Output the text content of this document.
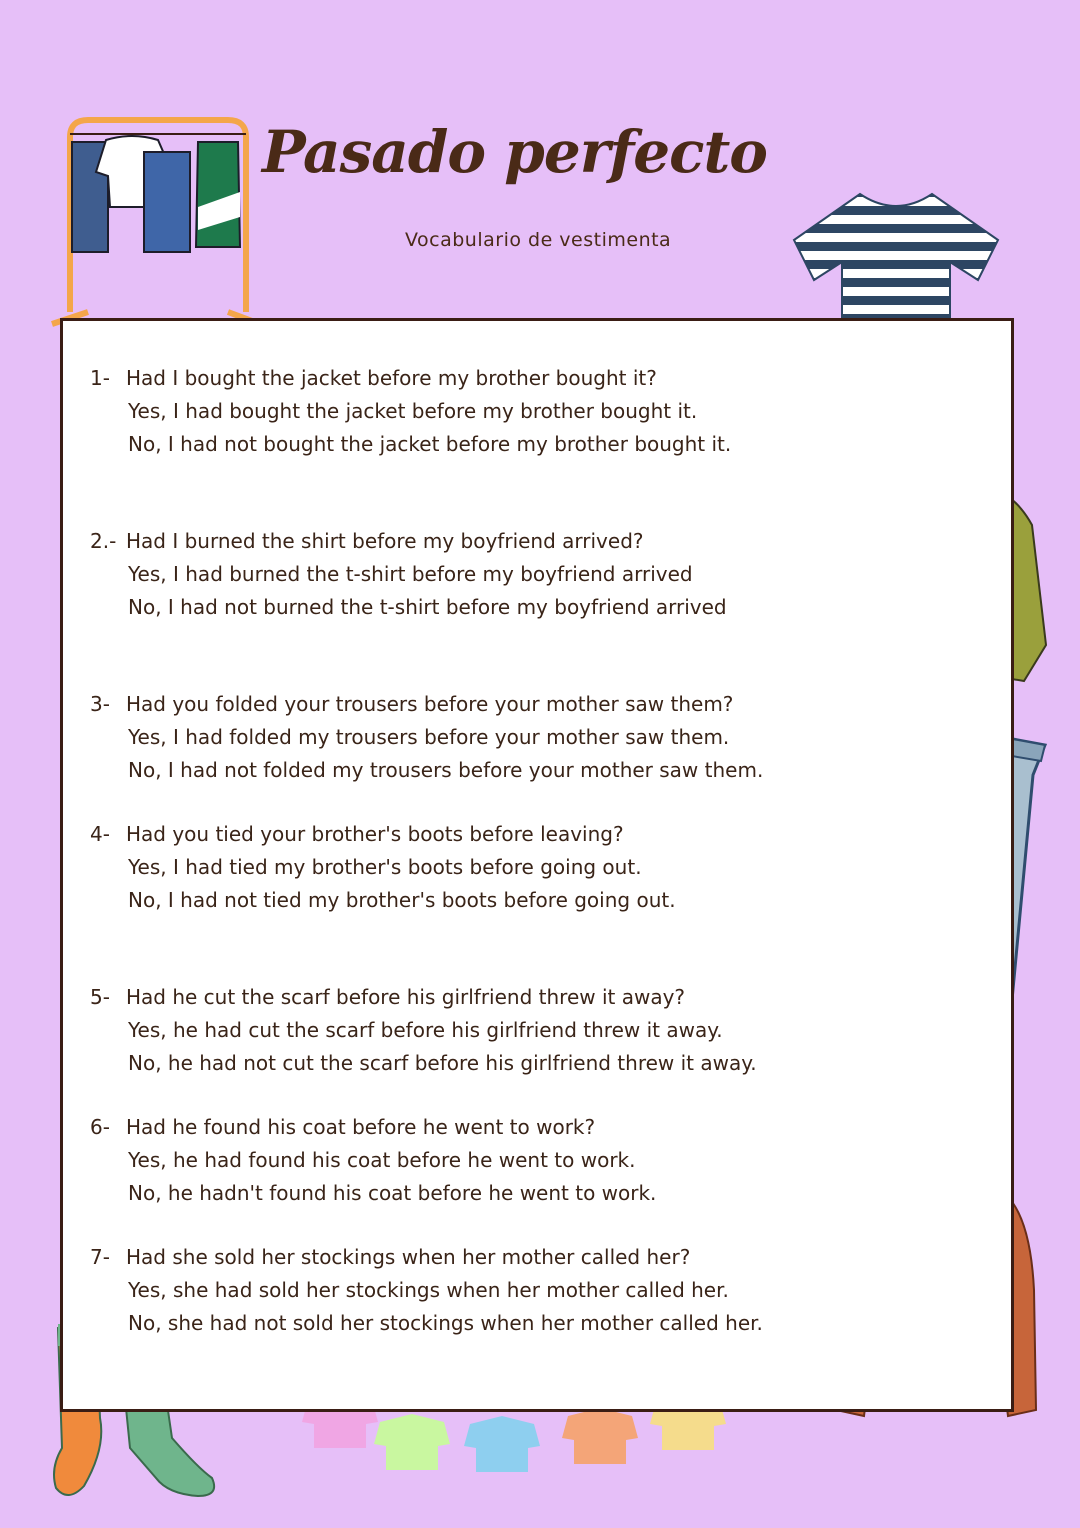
Pasado perfecto
Vocabulario de vestimenta
1- Had I bought the jacket before my brother bought it?
Yes, I had bought the jacket before my brother bought it.
No, I had not bought the jacket before my brother bought it.
2.- Had I burned the shirt before my boyfriend arrived?
Yes, I had burned the t-shirt before my boyfriend arrived
No, I had not burned the t-shirt before my boyfriend arrived
3- Had you folded your trousers before your mother saw them?
Yes, I had folded my trousers before your mother saw them.
No, I had not folded my trousers before your mother saw them.
4- Had you tied your brother's boots before leaving?
Yes, I had tied my brother's boots before going out.
No, I had not tied my brother's boots before going out.
5- Had he cut the scarf before his girlfriend threw it away?
Yes, he had cut the scarf before his girlfriend threw it away.
No, he had not cut the scarf before his girlfriend threw it away.
6- Had he found his coat before he went to work?
Yes, he had found his coat before he went to work.
No, he hadn't found his coat before he went to work.
7- Had she sold her stockings when her mother called her?
Yes, she had sold her stockings when her mother called her.
No, she had not sold her stockings when her mother called her.
